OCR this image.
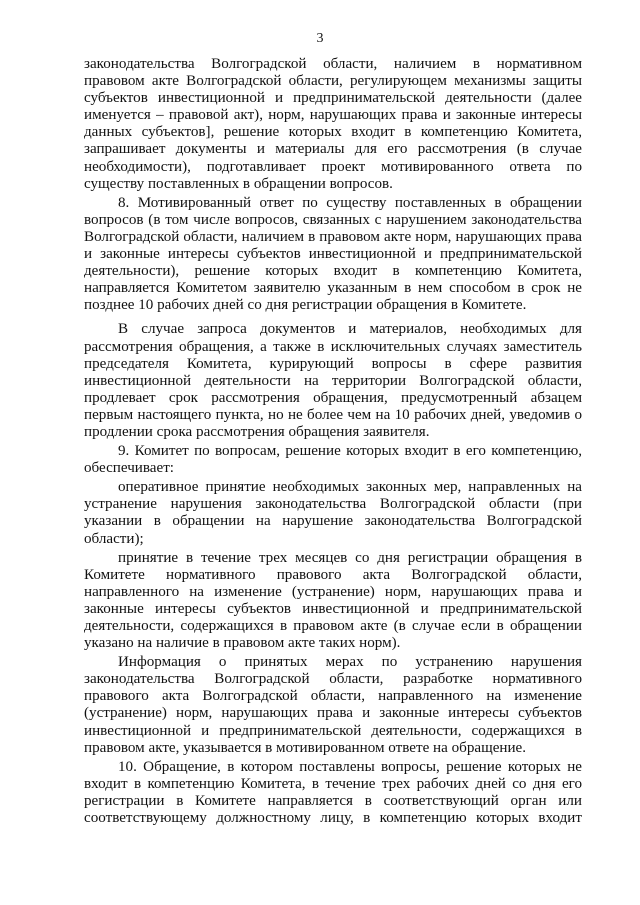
3

законодательства Волгоградской области, наличием в нормативном правовом акте Волгоградской области, регулирующем механизмы защиты субъектов инвестиционной и предпринимательской деятельности (далее именуется – правовой акт), норм, нарушающих права и законные интересы данных субъектов], решение которых входит в компетенцию Комитета, запрашивает документы и материалы для его рассмотрения (в случае необходимости), подготавливает проект мотивированного ответа по существу поставленных в обращении вопросов.

8. Мотивированный ответ по существу поставленных в обращении вопросов (в том числе вопросов, связанных с нарушением законодательства Волгоградской области, наличием в правовом акте норм, нарушающих права и законные интересы субъектов инвестиционной и предпринимательской деятельности), решение которых входит в компетенцию Комитета, направляется Комитетом заявителю указанным в нем способом в срок не позднее 10 рабочих дней со дня регистрации обращения в Комитете.

В случае запроса документов и материалов, необходимых для рассмотрения обращения, а также в исключительных случаях заместитель председателя Комитета, курирующий вопросы в сфере развития инвестиционной деятельности на территории Волгоградской области, продлевает срок рассмотрения обращения, предусмотренный абзацем первым настоящего пункта, но не более чем на 10 рабочих дней, уведомив о продлении срока рассмотрения обращения заявителя.

9. Комитет по вопросам, решение которых входит в его компетенцию, обеспечивает:

оперативное принятие необходимых законных мер, направленных на устранение нарушения законодательства Волгоградской области (при указании в обращении на нарушение законодательства Волгоградской области);

принятие в течение трех месяцев со дня регистрации обращения в Комитете нормативного правового акта Волгоградской области, направленного на изменение (устранение) норм, нарушающих права и законные интересы субъектов инвестиционной и предпринимательской деятельности, содержащихся в правовом акте (в случае если в обращении указано на наличие в правовом акте таких норм).

Информация о принятых мерах по устранению нарушения законодательства Волгоградской области, разработке нормативного правового акта Волгоградской области, направленного на изменение (устранение) норм, нарушающих права и законные интересы субъектов инвестиционной и предпринимательской деятельности, содержащихся в правовом акте, указывается в мотивированном ответе на обращение.

10. Обращение, в котором поставлены вопросы, решение которых не входит в компетенцию Комитета, в течение трех рабочих дней со дня его регистрации в Комитете направляется в соответствующий орган или соответствующему должностному лицу, в компетенцию которых входит
